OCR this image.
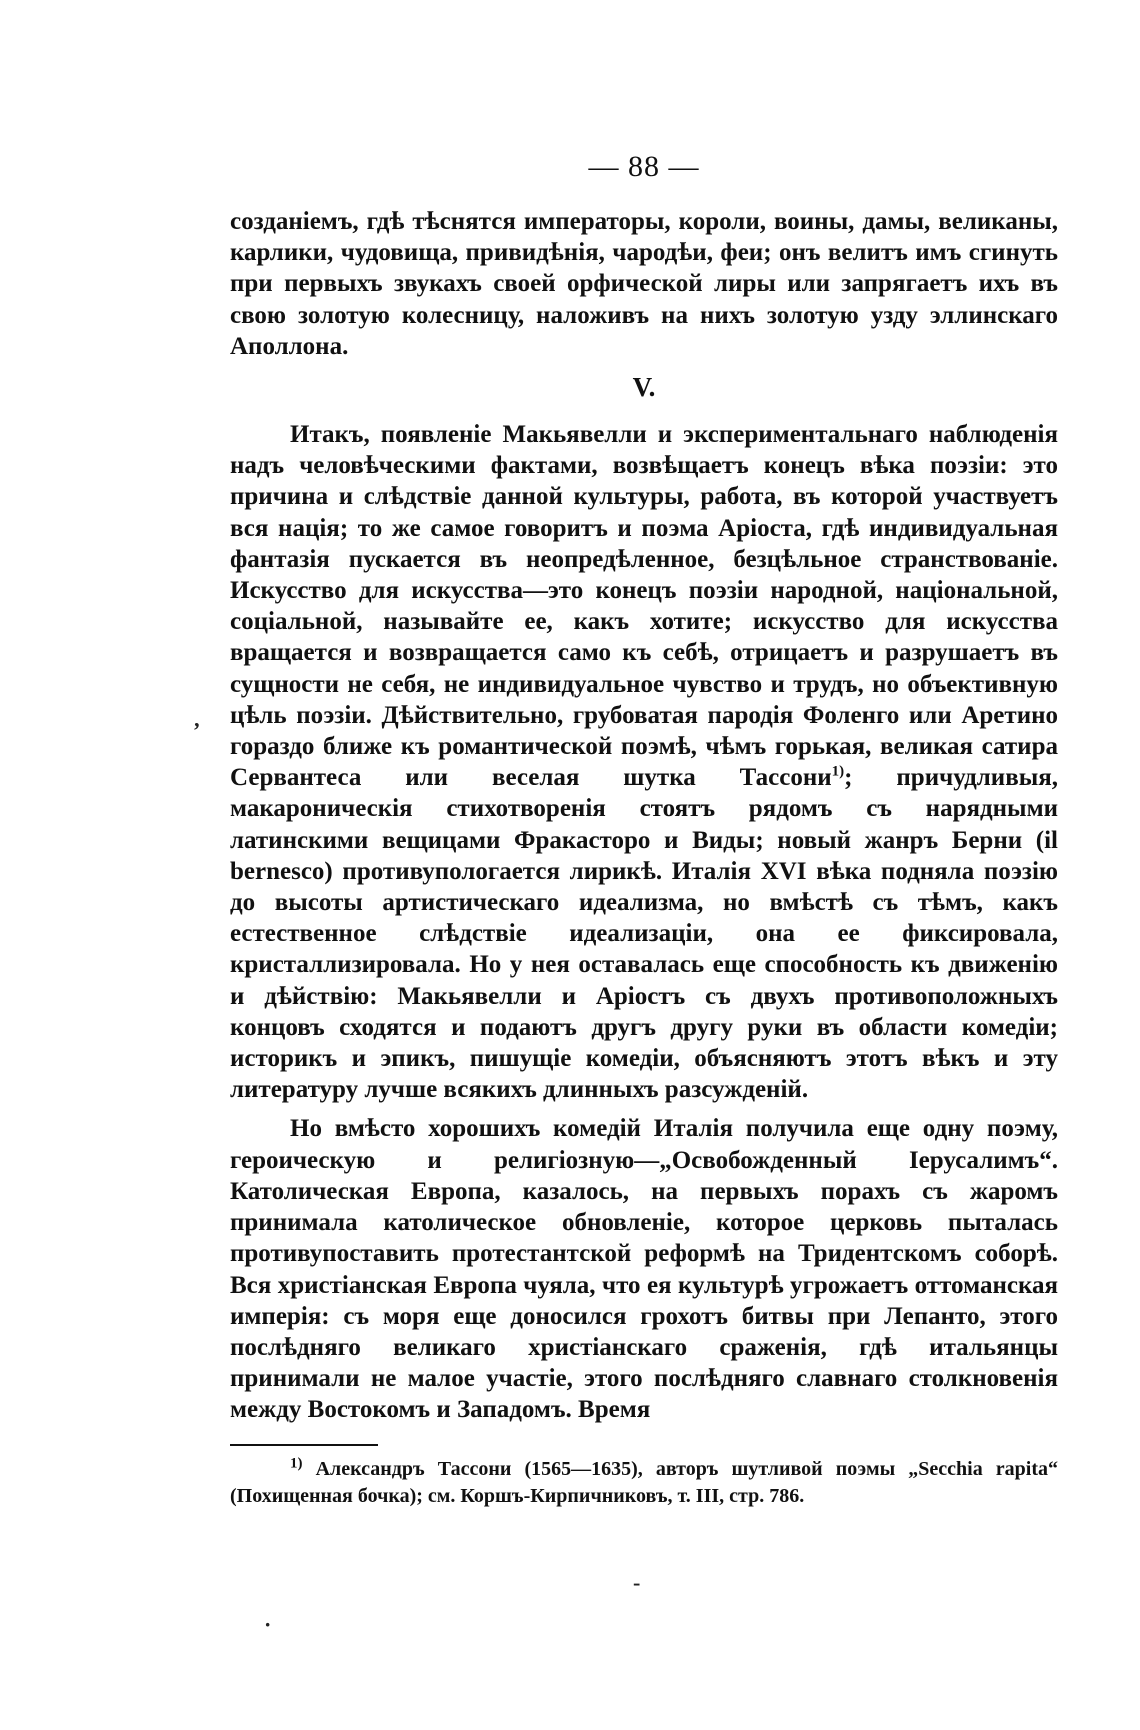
— 88 —

созданіемъ, гдѣ тѣснятся императоры, короли, воины, дамы, великаны, карлики, чудовища, привидѣнія, чародѣи, феи; онъ велитъ имъ сгинуть при первыхъ звукахъ своей орфической лиры или запрягаетъ ихъ въ свою золотую колесницу, наложивъ на нихъ золотую узду эллинскаго Аполлона.

V.

Итакъ, появленіе Макьявелли и экспериментальнаго наблюденія надъ человѣческими фактами, возвѣщаетъ конецъ вѣка поэзіи: это причина и слѣдствіе данной культуры, работа, въ которой участвуетъ вся нація; то же самое говоритъ и поэма Аріоста, гдѣ индивидуальная фантазія пускается въ неопредѣленное, безцѣльное странствованіе. Искусство для искусства—это конецъ поэзіи народной, національной, соціальной, называйте ее, какъ хотите; искусство для искусства вращается и возвращается само къ себѣ, отрицаетъ и разрушаетъ въ сущности не себя, не индивидуальное чувство и трудъ, но объективную цѣль поэзіи. Дѣйствительно, грубоватая пародія Фоленго или Аретино гораздо ближе къ романтической поэмѣ, чѣмъ горькая, великая сатира Сервантеса или веселая шутка Тассони$^{1)}$; причудливыя, макароническія стихотворенія стоятъ рядомъ съ нарядными латинскими вещицами Фракасторо и Виды; новый жанръ Берни (il bernesco) противупологается лирикѣ. Италія XVI вѣка подняла поэзію до высоты артистическаго идеализма, но вмѣстѣ съ тѣмъ, какъ естественное слѣдствіе идеализаціи, она ее фиксировала, кристаллизировала. Но у нея оставалась еще способность къ движенію и дѣйствію: Макьявелли и Аріостъ съ двухъ противоположныхъ концовъ сходятся и подаютъ другъ другу руки въ области комедіи; историкъ и эпикъ, пишущіе комедіи, объясняютъ этотъ вѣкъ и эту литературу лучше всякихъ длинныхъ разсужденій.

Но вмѣсто хорошихъ комедій Италія получила еще одну поэму, героическую и религіозную—„Освобожденный Іерусалимъ“. Католическая Европа, казалось, на первыхъ порахъ съ жаромъ принимала католическое обновленіе, которое церковь пыталась противупоставить протестантской реформѣ на Тридентскомъ соборѣ. Вся христіанская Европа чуяла, что ея культурѣ угрожаетъ оттоманская имперія: съ моря еще доносился грохотъ битвы при Лепанто, этого послѣдняго великаго христіанскаго сраженія, гдѣ итальянцы принимали не малое участіе, этого послѣдняго славнаго столкновенія между Востокомъ и Западомъ. Время

$^{1)}$ Александръ Тассони (1565—1635), авторъ шутливой поэмы „Secchia rapita“ (Похищенная бочка); см. Коршъ-Кирпичниковъ, т. III, стр. 786.
ʼ
-
·
